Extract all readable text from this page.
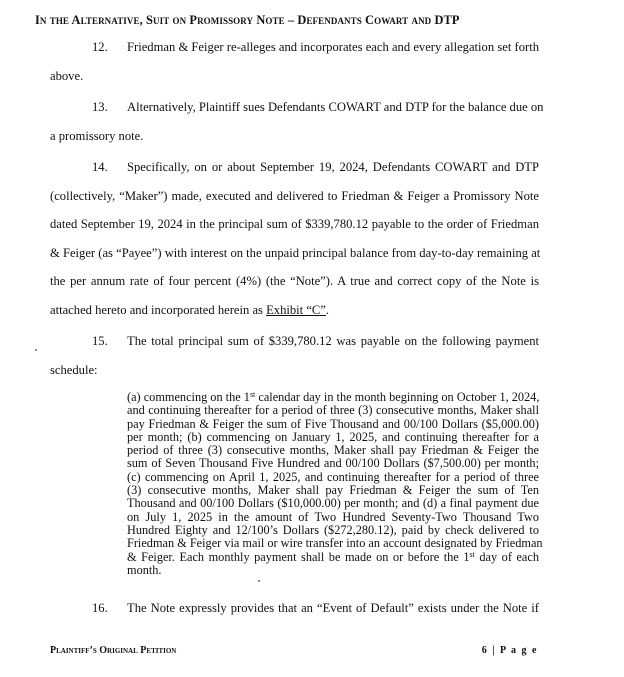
In the Alternative, Suit on Promissory Note – Defendants Cowart and DTP
12. Friedman & Feiger re-alleges and incorporates each and every allegation set forth
above.
13. Alternatively, Plaintiff sues Defendants COWART and DTP for the balance due on
a promissory note.
14. Specifically, on or about September 19, 2024, Defendants COWART and DTP
(collectively, “Maker”) made, executed and delivered to Friedman & Feiger a Promissory Note
dated September 19, 2024 in the principal sum of $339,780.12 payable to the order of Friedman
& Feiger (as “Payee”) with interest on the unpaid principal balance from day-to-day remaining at
the per annum rate of four percent (4%) (the “Note”). A true and correct copy of the Note is
attached hereto and incorporated herein as Exhibit “C”.
15. The total principal sum of $339,780.12 was payable on the following payment
schedule:
(a) commencing on the 1st calendar day in the month beginning on October 1, 2024,
and continuing thereafter for a period of three (3) consecutive months, Maker shall
pay Friedman & Feiger the sum of Five Thousand and 00/100 Dollars ($5,000.00)
per month; (b) commencing on January 1, 2025, and continuing thereafter for a
period of three (3) consecutive months, Maker shall pay Friedman & Feiger the
sum of Seven Thousand Five Hundred and 00/100 Dollars ($7,500.00) per month;
(c) commencing on April 1, 2025, and continuing thereafter for a period of three
(3) consecutive months, Maker shall pay Friedman & Feiger the sum of Ten
Thousand and 00/100 Dollars ($10,000.00) per month; and (d) a final payment due
on July 1, 2025 in the amount of Two Hundred Seventy-Two Thousand Two
Hundred Eighty and 12/100’s Dollars ($272,280.12), paid by check delivered to
Friedman & Feiger via mail or wire transfer into an account designated by Friedman
& Feiger. Each monthly payment shall be made on or before the 1st day of each
month.
16. The Note expressly provides that an “Event of Default” exists under the Note if
Plaintiff’s Original Petition	6 | P a g e
